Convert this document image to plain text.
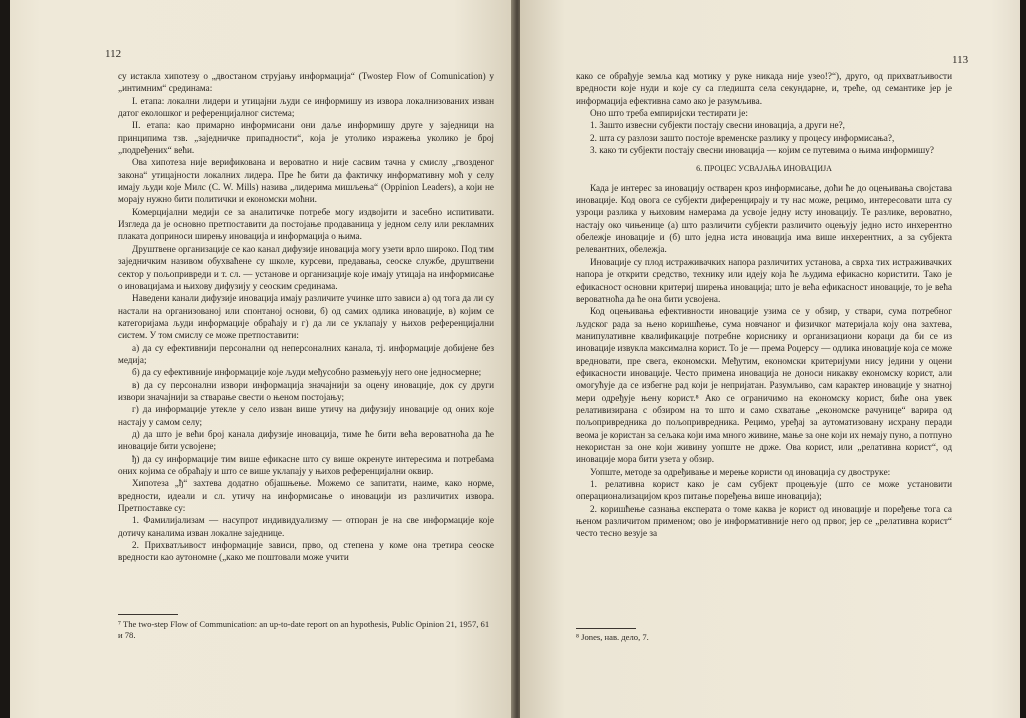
112

су истакла хипотезу о „двостаном струјању информација“ (Twostep Flow of Comunication) у „интимним“ срединама:

I. етапа: локални лидери и утицајни људи се информишу из извора локалнизованих изван датог еколошког и референцијалног система;

II. етапа: као примарно информисани они даље информишу друге у заједници на принципима тзв. „заједничке припадности“, која је утолико изражења уколико је број „подређених“ већи.

Ова хипотеза није верификована и вероватно и није сасвим тачна у смислу „гвозденог закона“ утицајности локалних лидера. Пре ће бити да фактичку информативну моћ у селу имају људи које Милс (C. W. Mills) назива „лидерима мишљења“ (Oppinion Leaders), а који не морају нужно бити политички и економски моћни.

Комерцијални медији се за аналитичке потребе могу издвојити и засебно испитивати. Изгледа да је основно претпоставити да постојање продаваница у једном селу или рекламних плаката доприноси ширењу иновација и информација о њима.

Друштвене организације се као канал дифузије иновација могу узети врло широко. Под тим заједничким називом обухваћене су школе, курсеви, предавања, сеоске службе, друштвени сектор у пољопривреди и т. сл. — установе и организације које имају утицаја на информисање о иновацијама и њихову дифузију у сеоским срединама.

Наведени канали дифузије иновација имају различите учинке што зависи а) од тога да ли су настали на организованој или спонтаној основи, б) од самих одлика иновације, в) којим се категоријама људи информације обраћају и г) да ли се уклапају у њихов референцијални систем. У том смислу се може претпоставити:

а) да су ефективнији персонални од неперсоналних канала, тј. информације добијене без медија;

б) да су ефективније информације које људи међусобно размењују него оне једносмерне;

в) да су персонални извори информација значајнији за оцену иновације, док су други извори значајнији за стварање свести о њеном постојању;

г) да информације утекле у село изван више утичу на дифузију иновације од оних које настају у самом селу;

д) да што је већи број канала дифузије иновација, тиме ће бити већа вероватноћа да ће иновације бити усвојене;

ђ) да су информације тим више ефикасне што су више окренуте интересима и потребама оних којима се обраћају и што се више уклапају у њихов референцијални оквир.

Хипотеза „ђ“ захтева додатно објашњење. Можемо се запитати, наиме, како норме, вредности, идеали и сл. утичу на информисање о иновацији из различитих извора. Претпоставке су:

1. Фамилијализам — насупрот индивидуализму — отпоран је на све информације које дотичу каналима изван локалне заједнице.

2. Прихватљивост информације зависи, прво, од степена у коме она третира сеоске вредности као аутономне („како ме поштовали може учити

⁷ The two-step Flow of Communication: an up-to-date report on an hypothesis, Public Opinion 21, 1957, 61 и 78.
113

како се обрађује земља кад мотику у руке никада није узео!?“), друго, од прихватљивости вредности које нуди и које су са гледишта села секундарне, и, треће, од семантике јер је информација ефективна само ако је разумљива.

Оно што треба емпиријски тестирати је:

1. Зашто извесни субјекти постају свесни иновација, а други не?,

2. шта су разлози зашто постоје временске разлику у процесу информисања?,

3. како ти субјекти постају свесни иновација — којим се путевима о њима информишу?

6. ПРОЦЕС УСВАЈАЊА ИНОВАЦИЈА

Када је интерес за иновацију остварен кроз информисање, доћи ће до оцењивања својстава иновације. Код овога се субјекти диференцирају и ту нас може, рецимо, интересовати шта су узроци разлика у њиховим намерама да усвоје једну исту иновацију. Те разлике, вероватно, настају око чињенице (а) што различити субјекти различито оцењују једно исто инхерентно обележје иновације и (б) што једна иста иновација има више инхерентних, а за субјекта релевантних, обележја.

Иновације су плод истраживачких напора различитих установа, а сврха тих истраживачких напора је открити средство, технику или идеју која ће људима ефикасно користити. Тако је ефикасност основни критериј ширења иновација; што је већа ефикасност иновације, то је већа вероватноћа да ће она бити усвојена.

Код оцењивања ефективности иновације узима се у обзир, у ствари, сума потребног људског рада за њено коришћење, сума новчаног и физичког материјала коју она захтева, манипулативне квалификације потребне кориснику и организациони кораци да би се из иновације извукла максимална корист. То је — према Роџерсу — одлика иновације која се може вредновати, пре свега, економски. Међутим, економски критеријуми нису једини у оцени ефикасности иновације. Често примена иновација не доноси никакву економску корист, али омогућује да се избегне рад који је непријатан. Разумљиво, сам карактер иновације у знатној мери одређује њену корист.⁸ Ако се ограничимо на економску корист, биће она увек релативизирана с обзиром на то што и само схватање „економске рачунице“ варира од пољопривредника до пољопривредника. Рецимо, уређај за аутоматизовану исхрану перади веома је користан за сељака који има много живине, мање за оне који их немају пуно, а потпуно некористан за оне који живину уопште не држе. Ова корист, или „релативна корист“, од иновације мора бити узета у обзир.

Уопште, методе за одређивање и мерење користи од иновација су двострукe:

1. релативна корист како је сам субјект процењује (што се може установити операционализацијом кроз питање поређења више иновација);

2. коришћење сазнања експерата о томе каква је корист од иновације и поређење тога са њеном различитом применом; ово је информативније него од првог, јер се „релативна корист“ често тесно везује за

⁸ Jones, нав. дело, 7.
